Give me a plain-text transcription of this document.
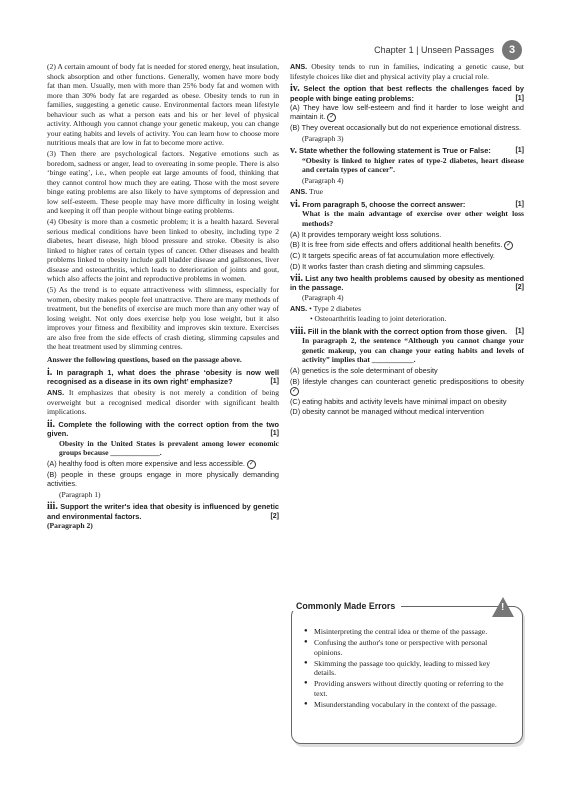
Chapter 1 | Unseen Passages	3

(2) A certain amount of body fat is needed for stored energy, heat insulation, shock absorption and other functions. Generally, women have more body fat than men. Usually, men with more than 25% body fat and women with more than 30% body fat are regarded as obese. Obesity tends to run in families, suggesting a genetic cause. Environmental factors mean lifestyle behaviour such as what a person eats and his or her level of physical activity. Although you cannot change your genetic makeup, you can change your eating habits and levels of activity. You can learn how to choose more nutritious meals that are low in fat to become more active.

(3) Then there are psychological factors. Negative emotions such as boredom, sadness or anger, lead to overeating in some people. There is also ‘binge eating’, i.e., when people eat large amounts of food, thinking that they cannot control how much they are eating. Those with the most severe binge eating problems are also likely to have symptoms of depression and low self-esteem. These people may have more difficulty in losing weight and keeping it off than people without binge eating problems.

(4) Obesity is more than a cosmetic problem; it is a health hazard. Several serious medical conditions have been linked to obesity, including type 2 diabetes, heart disease, high blood pressure and stroke. Obesity is also linked to higher rates of certain types of cancer. Other diseases and health problems linked to obesity include gall bladder disease and gallstones, liver disease and osteoarthritis, which leads to deterioration of joints and gout, which also affects the joint and reproductive problems in women.

(5) As the trend is to equate attractiveness with slimness, especially for women, obesity makes people feel unattractive. There are many methods of treatment, but the benefits of exercise are much more than any other way of losing weight. Not only does exercise help you lose weight, but it also improves your fitness and flexibility and improves skin texture. Exercises are also free from the side effects of crash dieting, slimming capsules and the heat treatment used by slimming centres.

Answer the following questions, based on the passage above.

i. In paragraph 1, what does the phrase ‘obesity is now well recognised as a disease in its own right’ emphasize?	[1]

ANS. It emphasizes that obesity is not merely a condition of being overweight but a recognised medical disorder with significant health implications.

ii. Complete the following with the correct option from the two given.	[1]

Obesity in the United States is prevalent among lower economic groups because _____________.

(A) healthy food is often more expensive and less accessible. ✓

(B) people in these groups engage in more physically demanding activities.

(Paragraph 1)

iii. Support the writer's idea that obesity is influenced by genetic and environmental factors.	[2]

(Paragraph 2)

ANS. Obesity tends to run in families, indicating a genetic cause, but lifestyle choices like diet and physical activity play a crucial role.

iv. Select the option that best reflects the challenges faced by people with binge eating problems:	[1]

(A) They have low self-esteem and find it harder to lose weight and maintain it. ✓

(B) They overeat occasionally but do not experience emotional distress.

(Paragraph 3)

v. State whether the following statement is True or False:	[1]

“Obesity is linked to higher rates of type-2 diabetes, heart disease and certain types of cancer”.

(Paragraph 4)

ANS. True

vi. From paragraph 5, choose the correct answer:	[1]

What is the main advantage of exercise over other weight loss methods?

(A) It provides temporary weight loss solutions.

(B) It is free from side effects and offers additional health benefits. ✓

(C) It targets specific areas of fat accumulation more effectively.

(D) It works faster than crash dieting and slimming capsules.

vii. List any two health problems caused by obesity as mentioned in the passage.	[2]

(Paragraph 4)

ANS. • Type 2 diabetes

• Osteoarthritis leading to joint deterioration.

viii. Fill in the blank with the correct option from those given. [1]

In paragraph 2, the sentence “Although you cannot change your genetic makeup, you can change your eating habits and levels of activity” implies that ___________.

(A) genetics is the sole determinant of obesity

(B) lifestyle changes can counteract genetic predispositions to obesity ✓

(C) eating habits and activity levels have minimal impact on obesity

(D) obesity cannot be managed without medical intervention

Commonly Made Errors	!
● Misinterpreting the central idea or theme of the passage.
● Confusing the author's tone or perspective with personal opinions.
● Skimming the passage too quickly, leading to missed key details.
● Providing answers without directly quoting or referring to the text.
● Misunderstanding vocabulary in the context of the passage.
